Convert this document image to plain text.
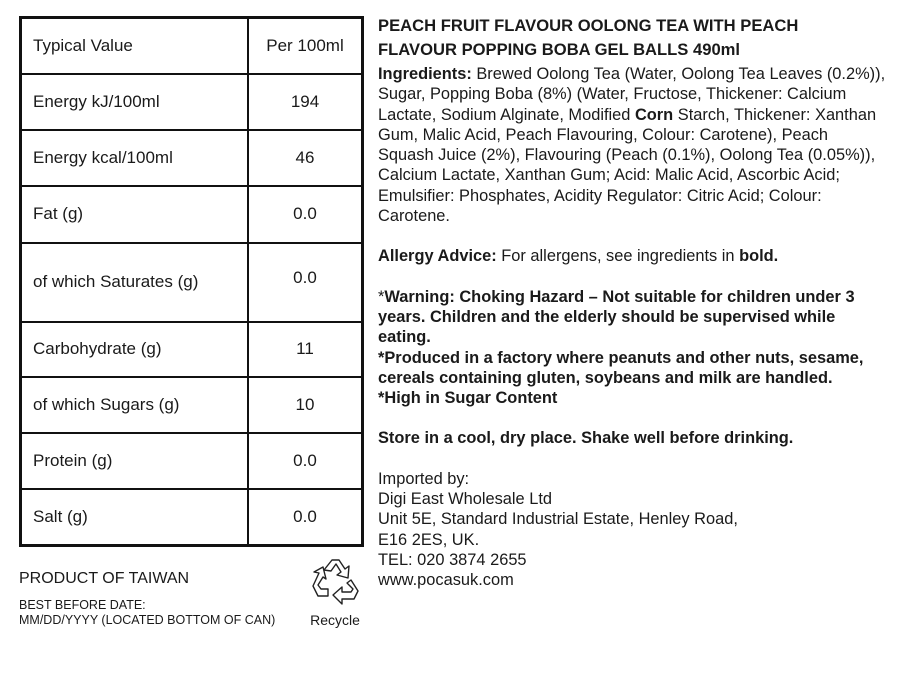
Typical Value	Per 100ml
Energy kJ/100ml	194
Energy kcal/100ml	46
Fat (g)	0.0
of which Saturates (g)	0.0
Carbohydrate (g)	11
of which Sugars (g)	10
Protein (g)	0.0
Salt (g)	0.0
PRODUCT OF TAIWAN
BEST BEFORE DATE:
MM/DD/YYYY (LOCATED BOTTOM OF CAN)	Recycle
PEACH FRUIT FLAVOUR OOLONG TEA WITH PEACH
FLAVOUR POPPING BOBA GEL BALLS 490ml
Ingredients: Brewed Oolong Tea (Water, Oolong Tea Leaves (0.2%)), Sugar, Popping Boba (8%) (Water, Fructose, Thickener: Calcium Lactate, Sodium Alginate, Modified Corn Starch, Thickener: Xanthan Gum, Malic Acid, Peach Flavouring, Colour: Carotene), Peach Squash Juice (2%), Flavouring (Peach (0.1%), Oolong Tea (0.05%)), Calcium Lactate, Xanthan Gum; Acid: Malic Acid, Ascorbic Acid; Emulsifier: Phosphates, Acidity Regulator: Citric Acid; Colour: Carotene.
Allergy Advice: For allergens, see ingredients in bold.
*Warning: Choking Hazard – Not suitable for children under 3 years. Children and the elderly should be supervised while eating.
*Produced in a factory where peanuts and other nuts, sesame, cereals containing gluten, soybeans and milk are handled.
*High in Sugar Content
Store in a cool, dry place. Shake well before drinking.
Imported by:
Digi East Wholesale Ltd
Unit 5E, Standard Industrial Estate, Henley Road,
E16 2ES, UK.
TEL: 020 3874 2655
www.pocasuk.com
